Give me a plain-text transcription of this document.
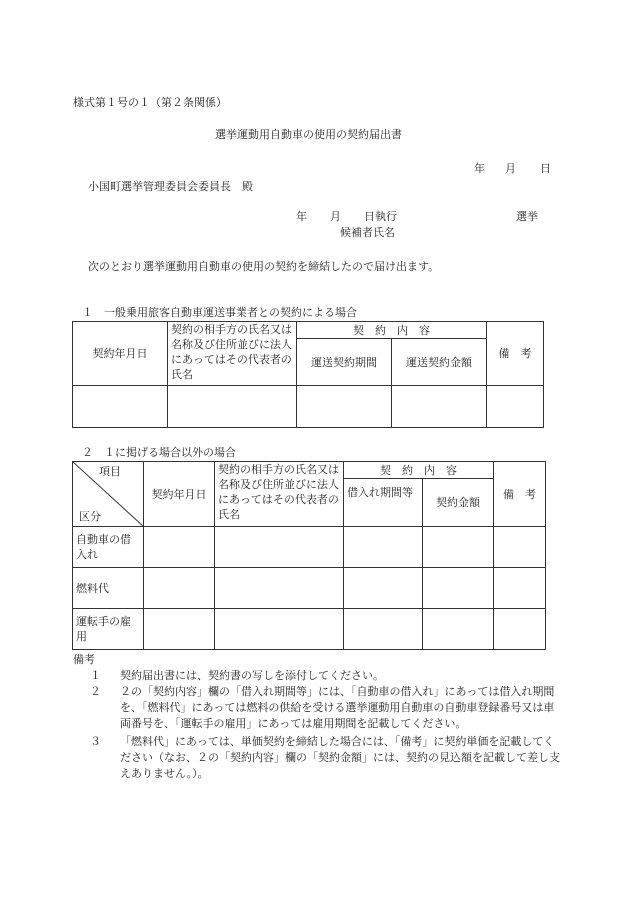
様式第１号の１（第２条関係）
選挙運動用自動車の使用の契約届出書
年 月 日
小国町選挙管理委員会委員長　殿
年 月 日執行	選挙
候補者氏名
次のとおり選挙運動用自動車の使用の契約を締結したので届け出ます。
１　一般乗用旅客自動車運送事業者との契約による場合
契約年月日	契約の相手方の氏名又は名称及び住所並びに法人にあってはその代表者の氏名	契　約　内　容		備　考
		運送契約期間	運送契約金額	

２　１に掲げる場合以外の場合
項目
区分	契約年月日	契約の相手方の氏名又は名称及び住所並びに法人にあってはその代表者の氏名	契　約　内　容		備　考
			借入れ期間等	契約金額	
自動車の借入れ					
燃料代					
運転手の雇用					
備考
１ 契約届出書には、契約書の写しを添付してください。
２ ２の「契約内容」欄の「借入れ期間等」には、「自動車の借入れ」にあっては借入れ期間を、「燃料代」にあっては燃料の供給を受ける選挙運動用自動車の自動車登録番号又は車両番号を、「運転手の雇用」にあっては雇用期間を記載してください。
３ 「燃料代」にあっては、単価契約を締結した場合には、「備考」に契約単価を記載してください（なお、２の「契約内容」欄の「契約金額」には、契約の見込額を記載して差し支えありません。）。
